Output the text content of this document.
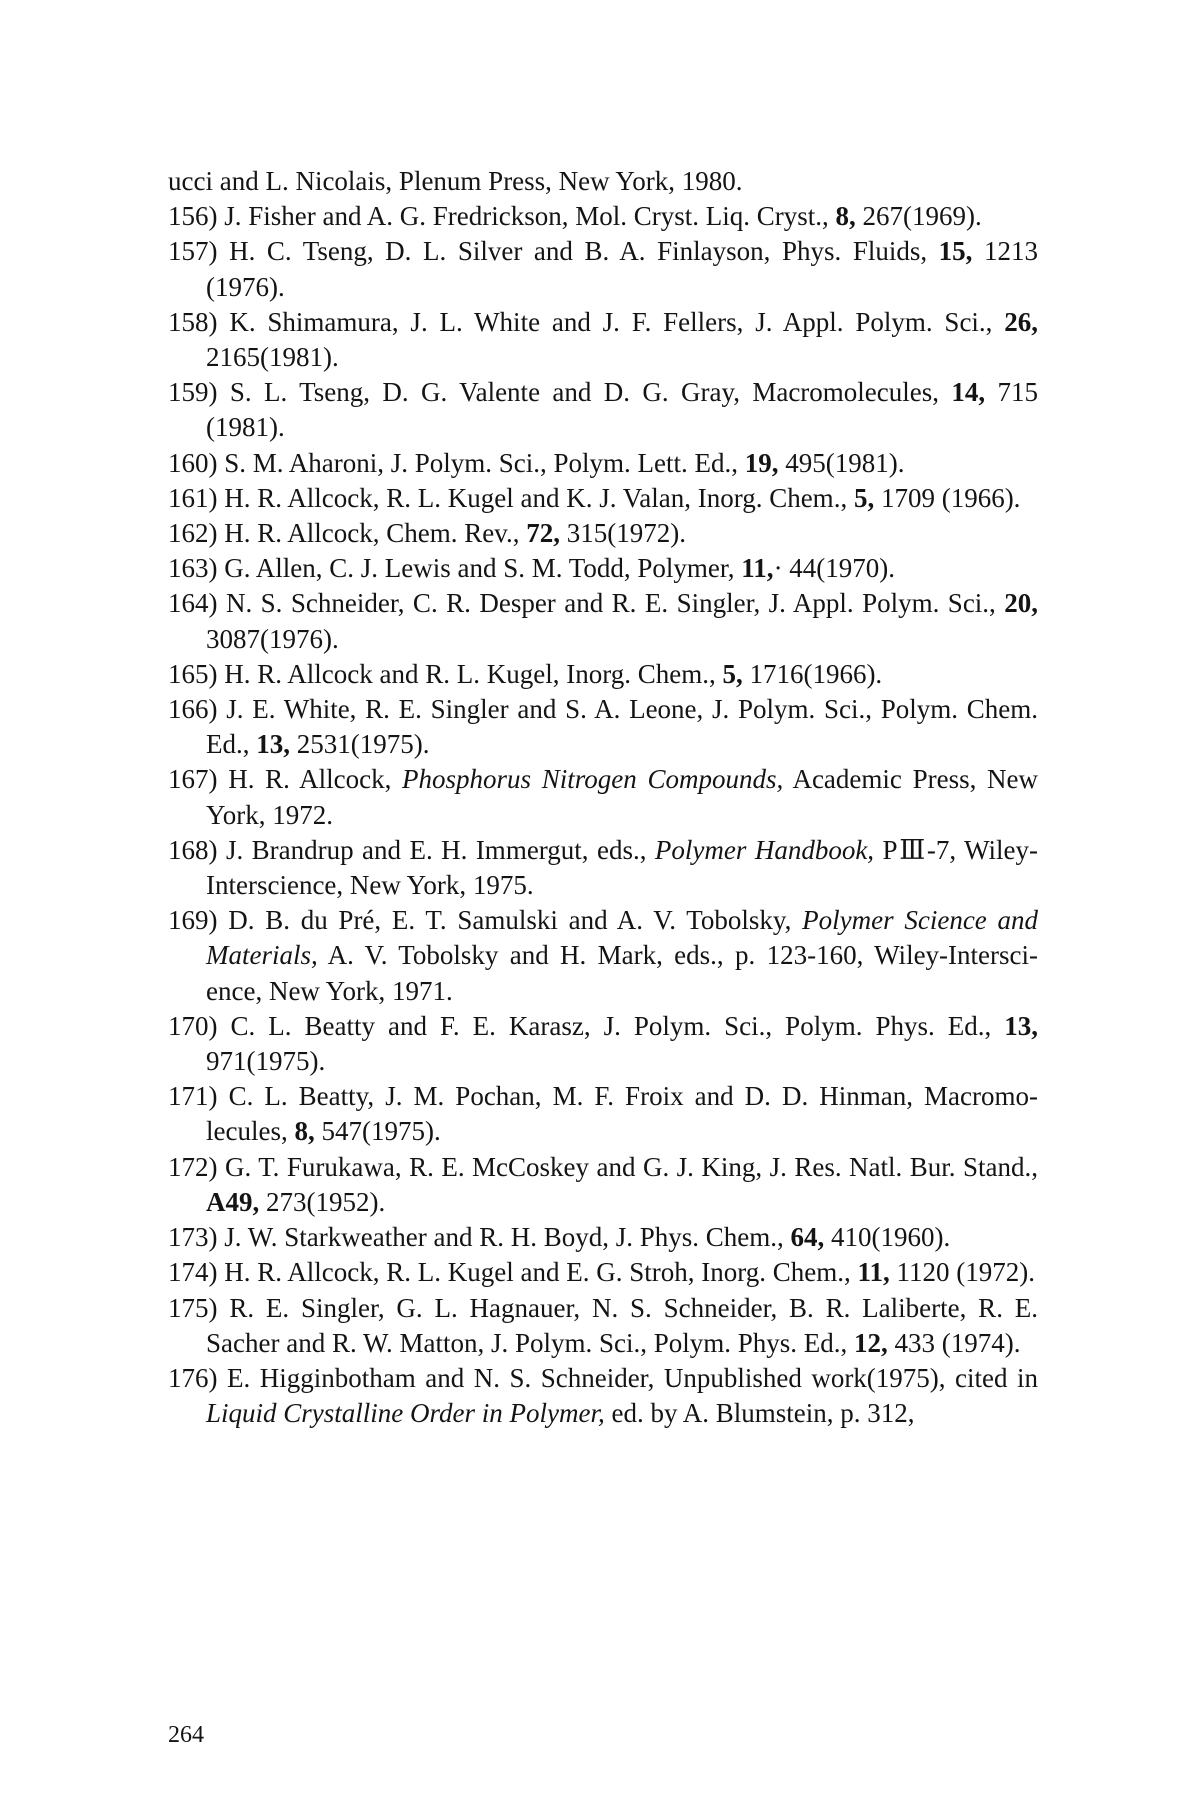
ucci and L. Nicolais, Plenum Press, New York, 1980.
156) J. Fisher and A. G. Fredrickson, Mol. Cryst. Liq. Cryst., 8, 267(1969).
157) H. C. Tseng, D. L. Silver and B. A. Finlayson, Phys. Fluids, 15, 1213 (1976).
158) K. Shimamura, J. L. White and J. F. Fellers, J. Appl. Polym. Sci., 26, 2165(1981).
159) S. L. Tseng, D. G. Valente and D. G. Gray, Macromolecules, 14, 715 (1981).
160) S. M. Aharoni, J. Polym. Sci., Polym. Lett. Ed., 19, 495(1981).
161) H. R. Allcock, R. L. Kugel and K. J. Valan, Inorg. Chem., 5, 1709 (1966).
162) H. R. Allcock, Chem. Rev., 72, 315(1972).
163) G. Allen, C. J. Lewis and S. M. Todd, Polymer, 11,· 44(1970).
164) N. S. Schneider, C. R. Desper and R. E. Singler, J. Appl. Polym. Sci., 20, 3087(1976).
165) H. R. Allcock and R. L. Kugel, Inorg. Chem., 5, 1716(1966).
166) J. E. White, R. E. Singler and S. A. Leone, J. Polym. Sci., Polym. Chem. Ed., 13, 2531(1975).
167) H. R. Allcock, Phosphorus Nitrogen Compounds, Academic Press, New York, 1972.
168) J. Brandrup and E. H. Immergut, eds., Polymer Handbook, PⅢ-7, Wiley-Interscience, New York, 1975.
169) D. B. du Pré, E. T. Samulski and A. V. Tobolsky, Polymer Science and Materials, A. V. Tobolsky and H. Mark, eds., p. 123-160, Wiley-Intersci-ence, New York, 1971.
170) C. L. Beatty and F. E. Karasz, J. Polym. Sci., Polym. Phys. Ed., 13, 971(1975).
171) C. L. Beatty, J. M. Pochan, M. F. Froix and D. D. Hinman, Macromo-lecules, 8, 547(1975).
172) G. T. Furukawa, R. E. McCoskey and G. J. King, J. Res. Natl. Bur. Stand., A49, 273(1952).
173) J. W. Starkweather and R. H. Boyd, J. Phys. Chem., 64, 410(1960).
174) H. R. Allcock, R. L. Kugel and E. G. Stroh, Inorg. Chem., 11, 1120 (1972).
175) R. E. Singler, G. L. Hagnauer, N. S. Schneider, B. R. Laliberte, R. E. Sacher and R. W. Matton, J. Polym. Sci., Polym. Phys. Ed., 12, 433 (1974).
176) E. Higginbotham and N. S. Schneider, Unpublished work(1975), cited in Liquid Crystalline Order in Polymer, ed. by A. Blumstein, p. 312,
264
